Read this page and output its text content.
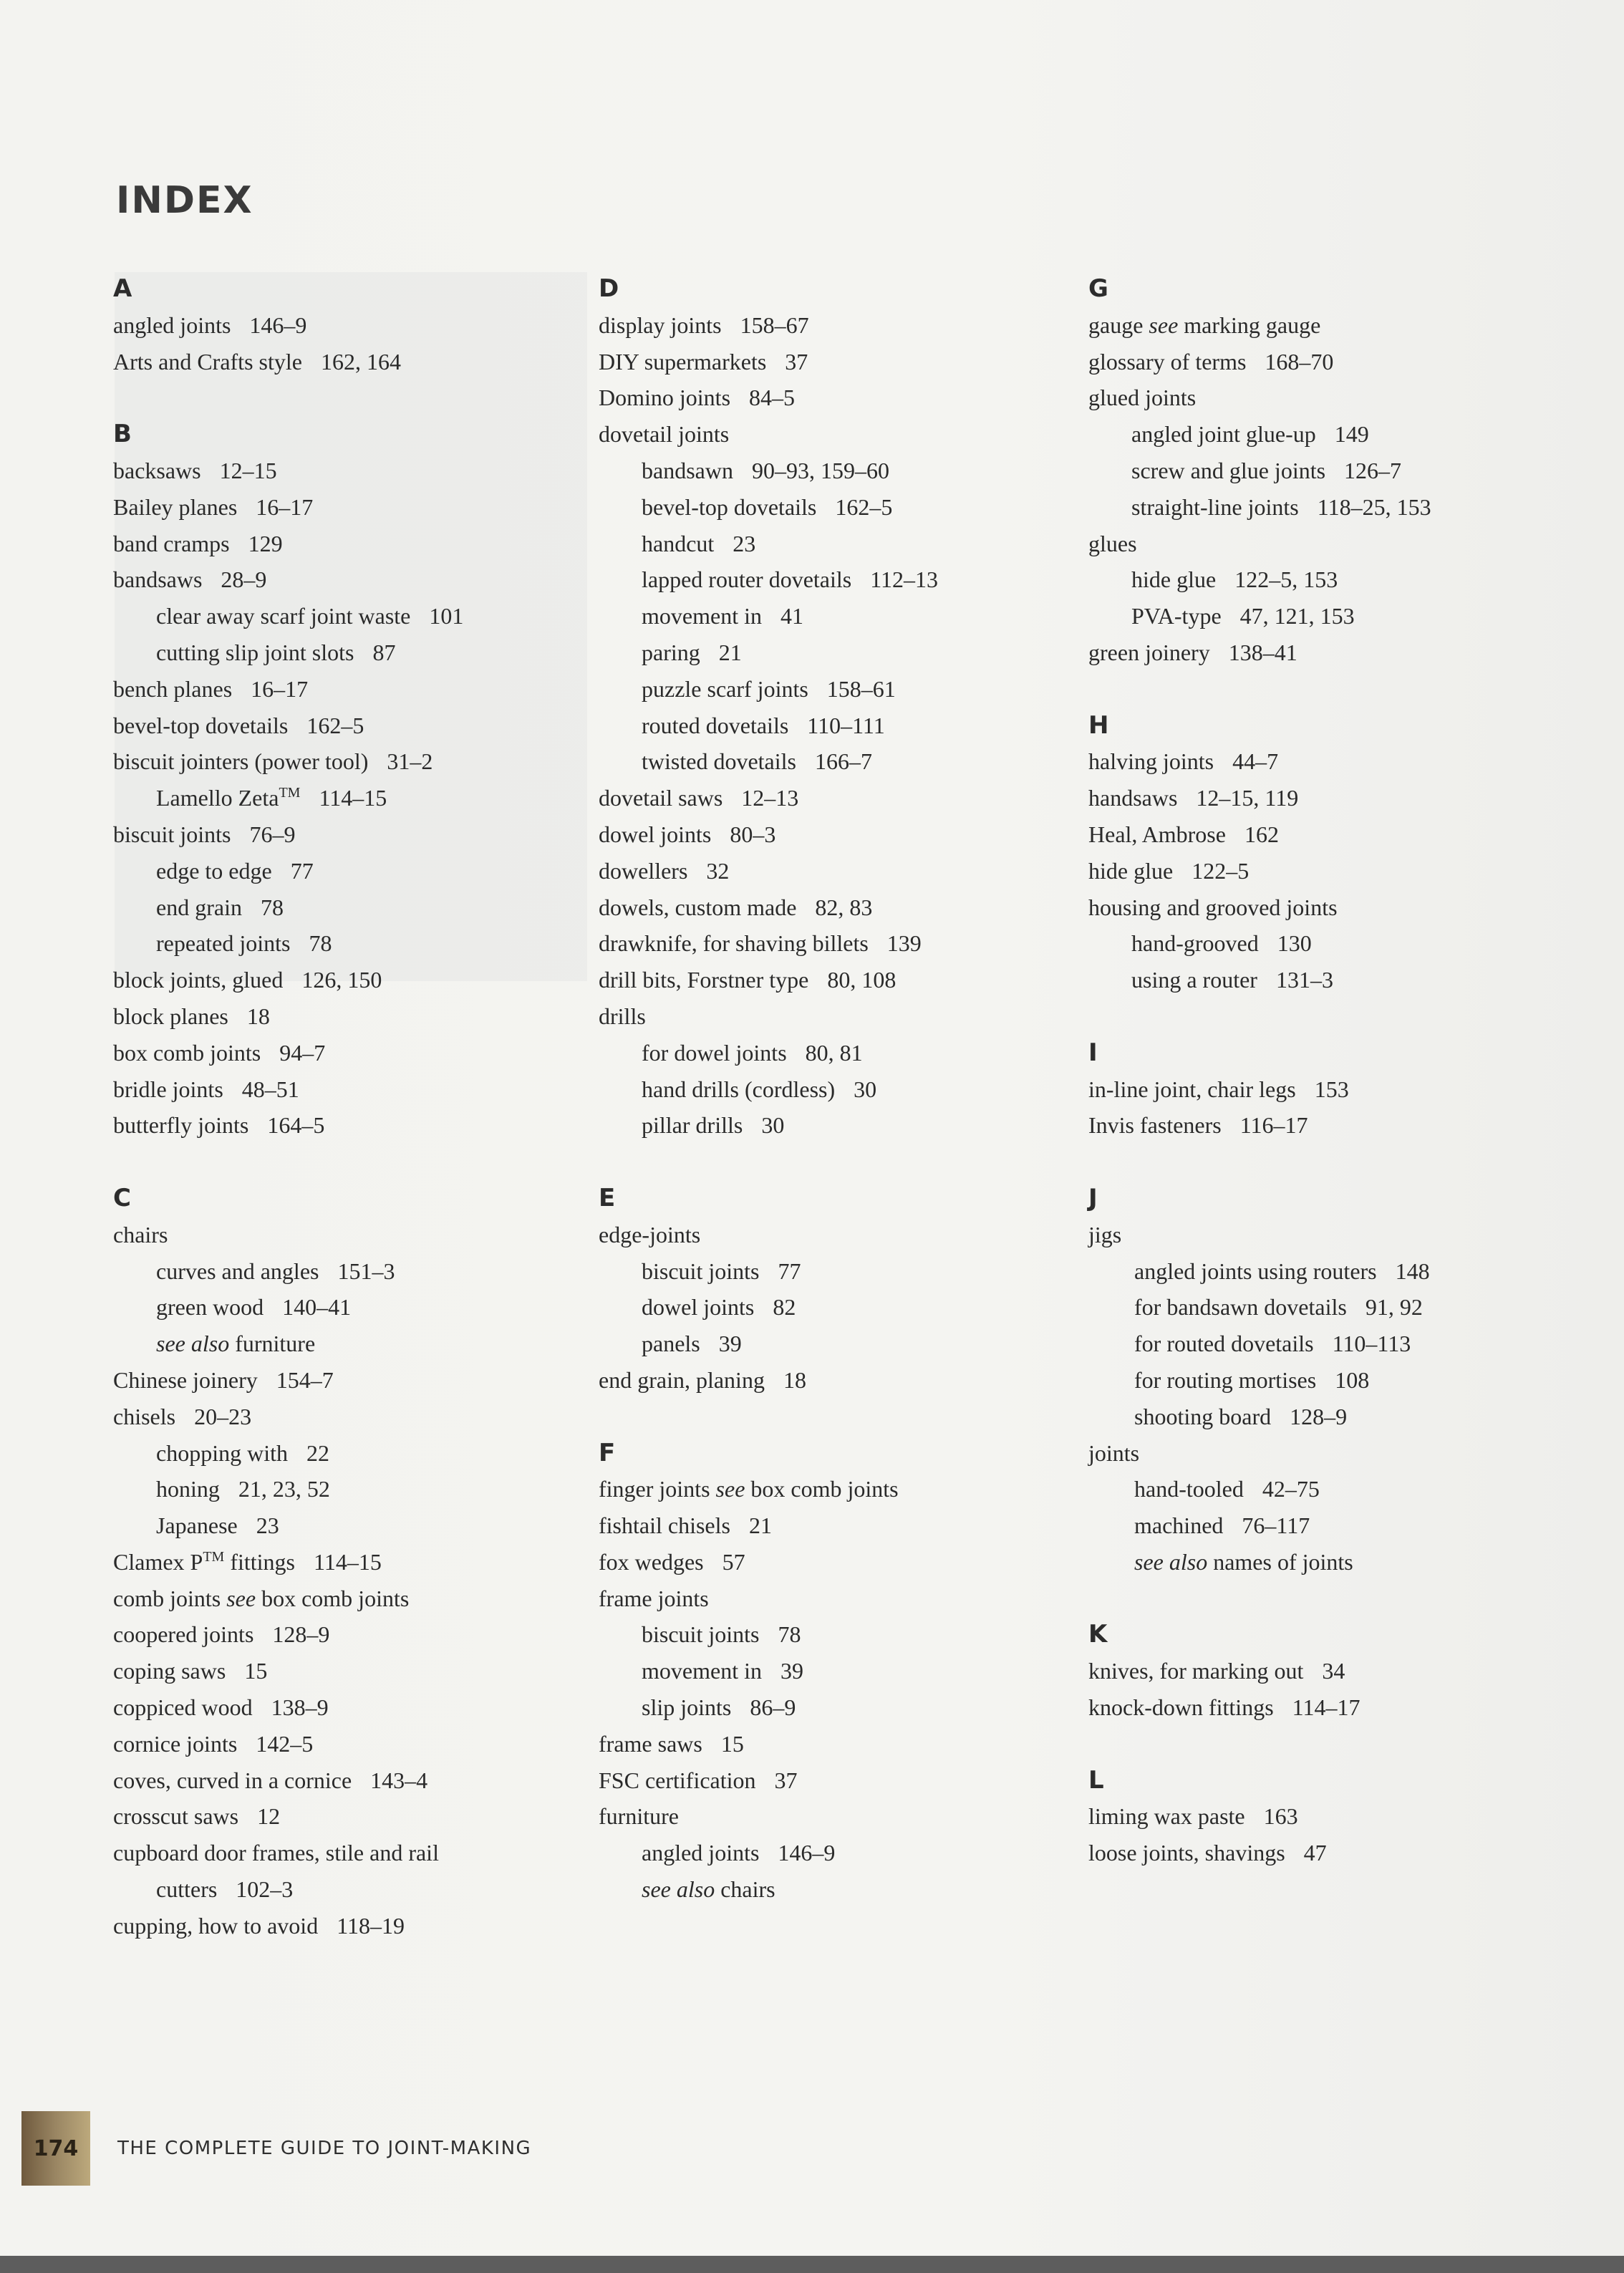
INDEX
A
angled joints 146–9
Arts and Crafts style 162, 164
B
backsaws 12–15
Bailey planes 16–17
band cramps 129
bandsaws 28–9
clear away scarf joint waste 101
cutting slip joint slots 87
bench planes 16–17
bevel-top dovetails 162–5
biscuit jointers (power tool) 31–2
Lamello Zeta™ 114–15
biscuit joints 76–9
edge to edge 77
end grain 78
repeated joints 78
block joints, glued 126, 150
block planes 18
box comb joints 94–7
bridle joints 48–51
butterfly joints 164–5
C
chairs
curves and angles 151–3
green wood 140–41
see also furniture
Chinese joinery 154–7
chisels 20–23
chopping with 22
honing 21, 23, 52
Japanese 23
Clamex P™ fittings 114–15
comb joints see box comb joints
coopered joints 128–9
coping saws 15
coppiced wood 138–9
cornice joints 142–5
coves, curved in a cornice 143–4
crosscut saws 12
cupboard door frames, stile and rail
cutters 102–3
cupping, how to avoid 118–19
D
display joints 158–67
DIY supermarkets 37
Domino joints 84–5
dovetail joints
bandsawn 90–93, 159–60
bevel-top dovetails 162–5
handcut 23
lapped router dovetails 112–13
movement in 41
paring 21
puzzle scarf joints 158–61
routed dovetails 110–111
twisted dovetails 166–7
dovetail saws 12–13
dowel joints 80–3
dowellers 32
dowels, custom made 82, 83
drawknife, for shaving billets 139
drill bits, Forstner type 80, 108
drills
for dowel joints 80, 81
hand drills (cordless) 30
pillar drills 30
E
edge-joints
biscuit joints 77
dowel joints 82
panels 39
end grain, planing 18
F
finger joints see box comb joints
fishtail chisels 21
fox wedges 57
frame joints
biscuit joints 78
movement in 39
slip joints 86–9
frame saws 15
FSC certification 37
furniture
angled joints 146–9
see also chairs
G
gauge see marking gauge
glossary of terms 168–70
glued joints
angled joint glue-up 149
screw and glue joints 126–7
straight-line joints 118–25, 153
glues
hide glue 122–5, 153
PVA-type 47, 121, 153
green joinery 138–41
H
halving joints 44–7
handsaws 12–15, 119
Heal, Ambrose 162
hide glue 122–5
housing and grooved joints
hand-grooved 130
using a router 131–3
I
in-line joint, chair legs 153
Invis fasteners 116–17
J
jigs
angled joints using routers 148
for bandsawn dovetails 91, 92
for routed dovetails 110–113
for routing mortises 108
shooting board 128–9
joints
hand-tooled 42–75
machined 76–117
see also names of joints
K
knives, for marking out 34
knock-down fittings 114–17
L
liming wax paste 163
loose joints, shavings 47
174 THE COMPLETE GUIDE TO JOINT-MAKING
